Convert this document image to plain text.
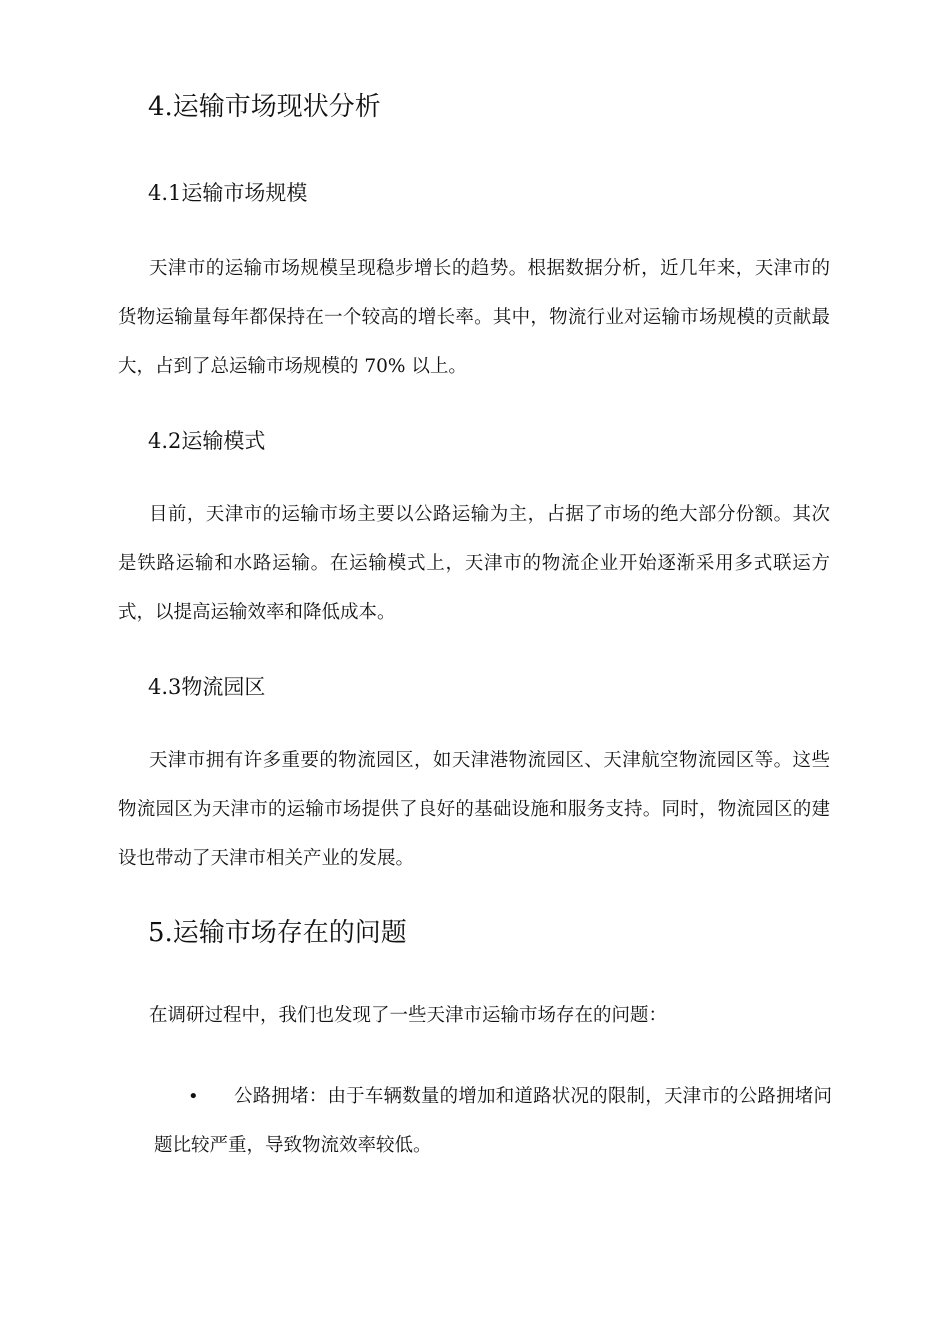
4.运输市场现状分析
4.1运输市场规模

天津市的运输市场规模呈现稳步增长的趋势。根据数据分析，近几年来，天津市的货物运输量每年都保持在一个较高的增长率。其中，物流行业对运输市场规模的贡献最大，占到了总运输市场规模的 70% 以上。

4.2运输模式

目前，天津市的运输市场主要以公路运输为主，占据了市场的绝大部分份额。其次是铁路运输和水路运输。在运输模式上，天津市的物流企业开始逐渐采用多式联运方式，以提高运输效率和降低成本。

4.3物流园区

天津市拥有许多重要的物流园区，如天津港物流园区、天津航空物流园区等。这些物流园区为天津市的运输市场提供了良好的基础设施和服务支持。同时，物流园区的建设也带动了天津市相关产业的发展。

5.运输市场存在的问题

在调研过程中，我们也发现了一些天津市运输市场存在的问题：

•	公路拥堵：由于车辆数量的增加和道路状况的限制，天津市的公路拥堵问题比较严重，导致物流效率较低。
